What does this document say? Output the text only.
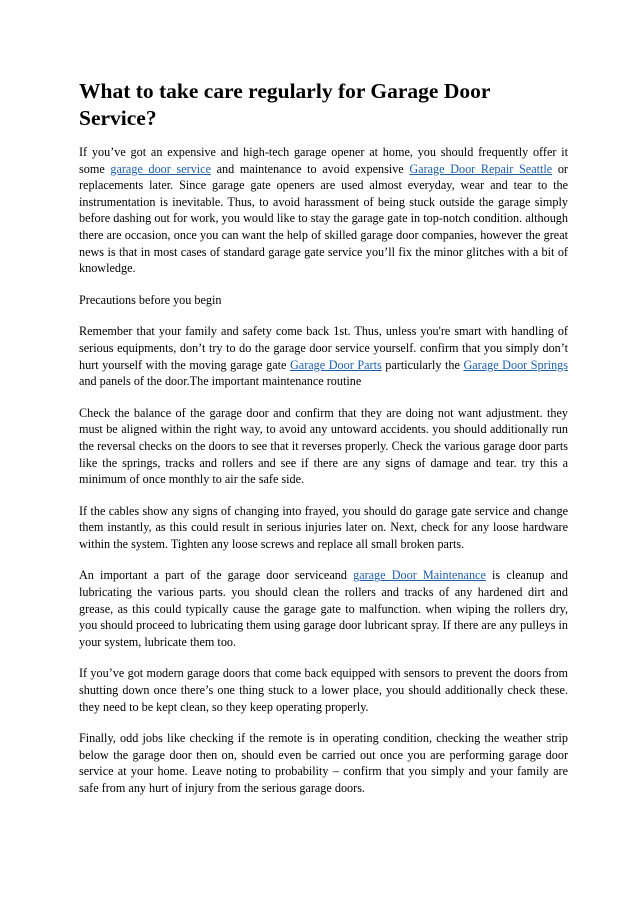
What to take care regularly for Garage Door Service?

If you’ve got an expensive and high-tech garage opener at home, you should frequently offer it some garage door service and maintenance to avoid expensive Garage Door Repair Seattle or replacements later. Since garage gate openers are used almost everyday, wear and tear to the instrumentation is inevitable. Thus, to avoid harassment of being stuck outside the garage simply before dashing out for work, you would like to stay the garage gate in top-notch condition. although there are occasion, once you can want the help of skilled garage door companies, however the great news is that in most cases of standard garage gate service you’ll fix the minor glitches with a bit of knowledge.

Precautions before you begin

Remember that your family and safety come back 1st. Thus, unless you're smart with handling of serious equipments, don’t try to do the garage door service yourself. confirm that you simply don’t hurt yourself with the moving garage gate Garage Door Parts particularly the Garage Door Springs and panels of the door.The important maintenance routine

Check the balance of the garage door and confirm that they are doing not want adjustment. they must be aligned within the right way, to avoid any untoward accidents. you should additionally run the reversal checks on the doors to see that it reverses properly. Check the various garage door parts like the springs, tracks and rollers and see if there are any signs of damage and tear. try this a minimum of once monthly to air the safe side.

If the cables show any signs of changing into frayed, you should do garage gate service and change them instantly, as this could result in serious injuries later on. Next, check for any loose hardware within the system. Tighten any loose screws and replace all small broken parts.

An important a part of the garage door serviceand garage Door Maintenance is cleanup and lubricating the various parts. you should clean the rollers and tracks of any hardened dirt and grease, as this could typically cause the garage gate to malfunction. when wiping the rollers dry, you should proceed to lubricating them using garage door lubricant spray. If there are any pulleys in your system, lubricate them too.

If you’ve got modern garage doors that come back equipped with sensors to prevent the doors from shutting down once there’s one thing stuck to a lower place, you should additionally check these. they need to be kept clean, so they keep operating properly.

Finally, odd jobs like checking if the remote is in operating condition, checking the weather strip below the garage door then on, should even be carried out once you are performing garage door service at your home. Leave noting to probability – confirm that you simply and your family are safe from any hurt of injury from the serious garage doors.
